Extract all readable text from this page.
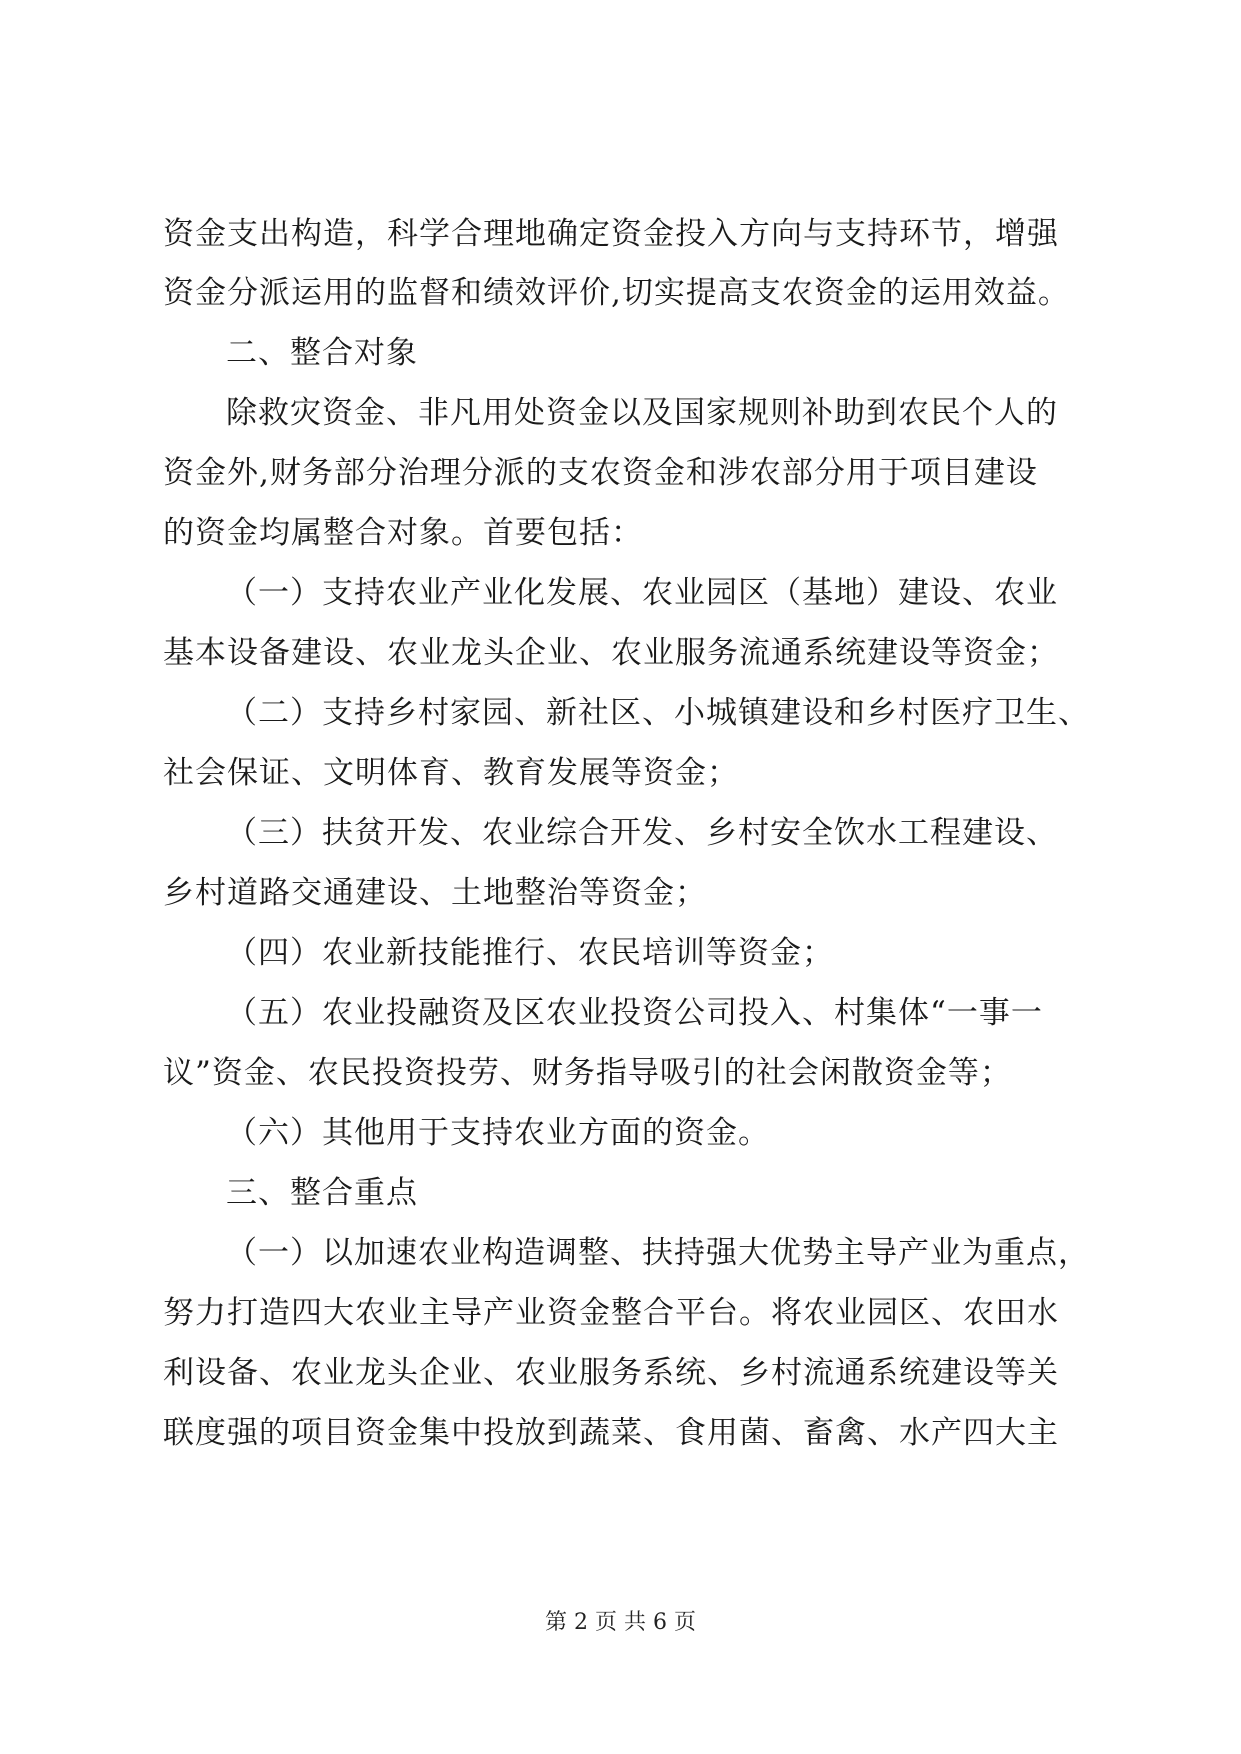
资金支出构造，科学合理地确定资金投入方向与支持环节，增强
资金分派运用的监督和绩效评价,切实提高支农资金的运用效益。
二、整合对象
除救灾资金、非凡用处资金以及国家规则补助到农民个人的
资金外,财务部分治理分派的支农资金和涉农部分用于项目建设
的资金均属整合对象。首要包括：
（一）支持农业产业化发展、农业园区（基地）建设、农业
基本设备建设、农业龙头企业、农业服务流通系统建设等资金；
（二）支持乡村家园、新社区、小城镇建设和乡村医疗卫生、
社会保证、文明体育、教育发展等资金；
（三）扶贫开发、农业综合开发、乡村安全饮水工程建设、
乡村道路交通建设、土地整治等资金；
（四）农业新技能推行、农民培训等资金；
（五）农业投融资及区农业投资公司投入、村集体“一事一
议”资金、农民投资投劳、财务指导吸引的社会闲散资金等；
（六）其他用于支持农业方面的资金。
三、整合重点
（一）以加速农业构造调整、扶持强大优势主导产业为重点，
努力打造四大农业主导产业资金整合平台。将农业园区、农田水
利设备、农业龙头企业、农业服务系统、乡村流通系统建设等关
联度强的项目资金集中投放到蔬菜、食用菌、畜禽、水产四大主
第 2 页 共 6 页
